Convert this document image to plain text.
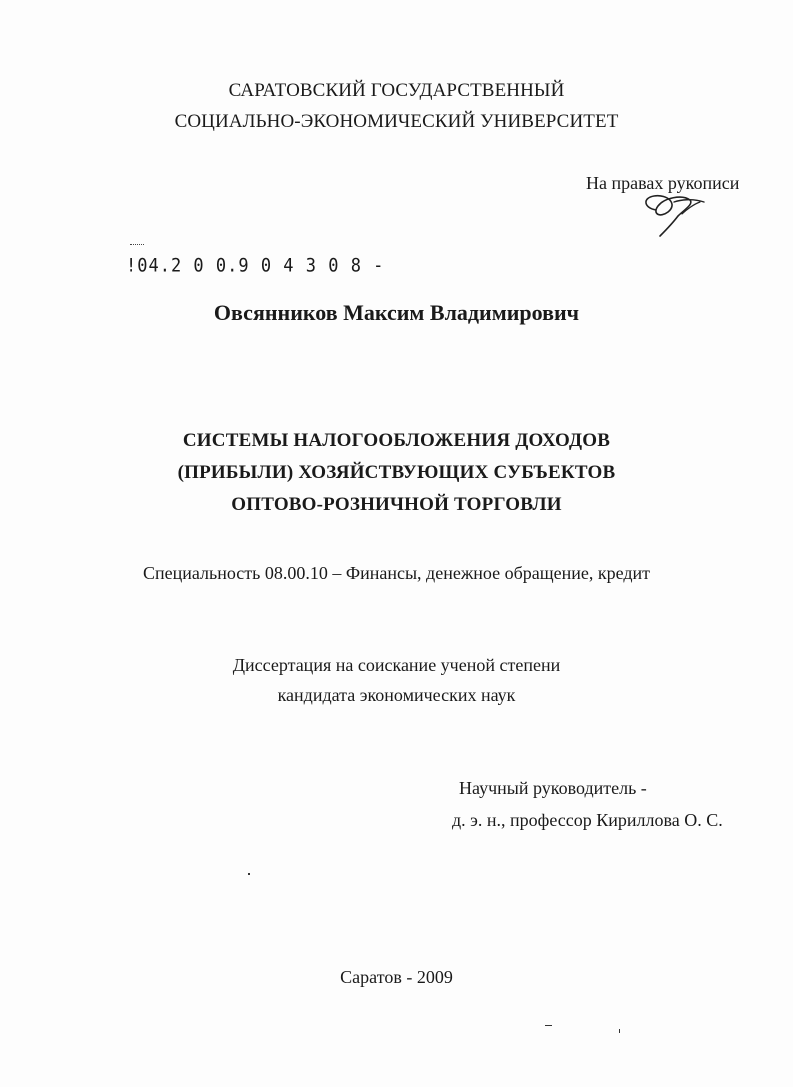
САРАТОВСКИЙ ГОСУДАРСТВЕННЫЙ
СОЦИАЛЬНО-ЭКОНОМИЧЕСКИЙ УНИВЕРСИТЕТ
На правах рукописи
!04.2 0 0.9 0 4 3 0 8 -
Овсянников Максим Владимирович
СИСТЕМЫ НАЛОГООБЛОЖЕНИЯ ДОХОДОВ
(ПРИБЫЛИ) ХОЗЯЙСТВУЮЩИХ СУБЪЕКТОВ
ОПТОВО-РОЗНИЧНОЙ ТОРГОВЛИ
Специальность 08.00.10 – Финансы, денежное обращение, кредит
Диссертация на соискание ученой степени
кандидата экономических наук
Научный руководитель -
д. э. н., профессор Кириллова О. С.
Саратов - 2009
